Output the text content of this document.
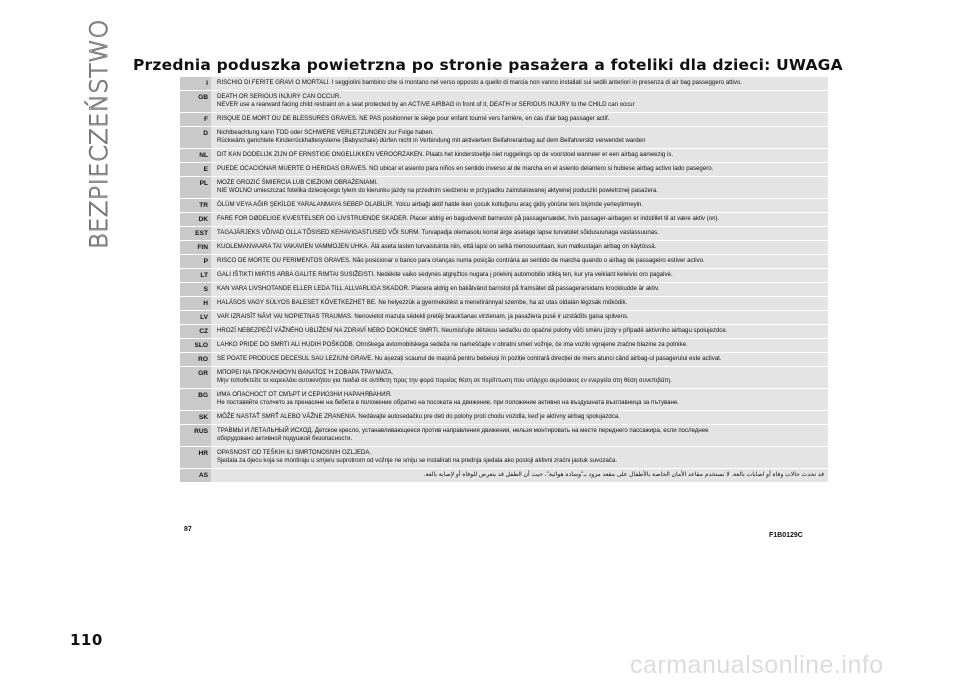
BEZPIECZEŃSTWO Przednia poduszka powietrzna po stronie pasażera a foteliki dla dzieci: UWAGA
I	RISCHIO DI FERITE GRAVI O MORTALI. I seggiolini bambino che si montano nel verso opposto a quello di marcia non vanno installati sui sedili anteriori in presenza di air bag passeggero attivo.
GB	DEATH OR SERIOUS INJURY CAN OCCUR.
NEVER use a rearward facing child restraint on a seat protected by an ACTIVE AIRBAG in front of it, DEATH or SERIOUS INJURY to the CHILD can occur
F	RISQUE DE MORT OU DE BLESSURES GRAVES. NE PAS positionner le siège pour enfant tourné vers l'arrière, en cas d'air bag passager actif.
D	Nichtbeachtung kann TOD oder SCHWERE VERLETZUNGEN zur Folge haben.
Rückwärts gerichtete Kinderrückhaltesysteme (Babyschale) dürfen nicht in Verbindung mit aktiviertem Beifahrerairbag auf dem Beifahrersitz verwendet warden
NL	DIT KAN DODELIJK ZIJN OF ERNSTIGE ONGELUKKEN VEROORZAKEN. Plaats het kinderstoeltje niet ruggelings op de voorstoel wanneer er een airbag aanwezig is.
E	PUEDE OCACIONAR MUERTE O HERIDAS GRAVES. NO ubicar el asiento para niños en sentido inverso al de marcha en el asiento delantero si hubiese airbag activo lado pasegero.
PL	MOŻE GROZIĆ ŚMIERCIA LUB CIEŻKIMI OBRAŻENIAMI.
NIE WOLNO umieszczać fotelika dziecięcego tylem do kierunku jazdy na przednim siedzeniu w przypadku zainstalowanej aktywnej poduszki powietrznej pasażera.
TR	ÖLÜM VEYA AĞIR ŞEKİLDE YARALANMAYA SEBEP OLABİLİR. Yolcu airbaği aktif halde iken çocuk koltuğunu araç gidiş yönüne ters biçimde yerleştirmeyin.
DK	FARE FOR DØDELIGE KVÆSTELSER OG LIVSTRUENDE SKADER. Placer aldrig en bagudvendt barnestol på passagersædet, hvis passager-airbagen er indstillet til at være aktiv (on).
EST	TAGAJÄRJEKS VÕIVAD OLLA TÕSISED KEHAVIGASTUSED VÕI SURM. Turvapadja olemasolu korral ärge asetage lapse turvatolet sõidusuunaga vastassuunas.
FIN	KUOLEMANVAARA TAI VAKAVIEN VAMMOJEN UHKA. Älä aseta lasten turvaistuinta niin, että lapsi on selkä menosuuntaan, kun matkustajan airbag on käytössä.
P	RISCO DE MORTE OU FERIMENTOS GRAVES. Não posicionar o banco para crianças numa posição contrária ao sentido de marcha quando o airbag de passageiro estiver activo.
LT	GALI IŠTIKTI MIRTIS ARBA GALITE RIMTAI SUSIŽEISTI. Nedėkite vaiko sėdynės atgręžtos nugara į priekinį automobilio stiklą ten, kur yra veikiant keleivio oro pagalvė.
S	KAN VARA LIVSHOTANDE ELLER LEDA TILL ALLVARLIGA SKADOR. Placera aldrig en bakåtvänd barnstol på framsätet då passagerarsidans krockkudde är aktiv.
H	HALÁSOS VAGY SÚLYOS BALESET KÖVETKEZHET BE. Ne helyezzük a gyermekülést a menetiránnyal szembe, ha az utas oldalán légzsák működik.
LV	VAR IZRAISĪT NĀVI VAI NOPIETNAS TRAUMAS. Nenovietot mazuļa sēdekli pretēji braukšanas virzienam, ja pasažiera pusē ir uzstādīts gaisa spilvens.
CZ	HROZÍ NEBEZPEČÍ VÁŽNÉHO UBLÍŽENÍ NA ZDRAVÍ NEBO DOKONCE SMRTI. Neumisťujte dětskou sedačku do opačné polohy vůči směru jízdy v případě aktivního airbagu spolujezdce.
SLO	LAHKO PRIDE DO SMRTI ALI HUDIH POŠKODB. Otroškega avtomobilskega sedeža ne nameščajte v obratni smeri vožnje, če ima vozilo vgrajene zračne blazine za potnike.
RO	SE POATE PRODUCE DECESUL SAU LEZIUNI GRAVE. Nu așezați scaunul de mașină pentru bebeluși în poziție contrară direcției de mers atunci când airbag-ul pasagerului este activat.
GR	ΜΠΟΡΕΙ ΝΑ ΠΡΟΚΛΗΘΟΥΝ ΘΑΝΑΤΟΣ Ή ΣΟΒΑΡΑ ΤΡΑΥΜΑΤΑ.
Μην τοποθετείτε το καρεκλάκι αυτοκινήτου για παιδιά σε αντίθετη προς την φορά πορείας θέση σε περίπτωση που υπάρχει αερόσακος εν ενεργεία στη θέση συνεπιβάτη.
BG	ИМА ОПАСНОСТ ОТ СМЪРТ И СЕРИОЗНИ НАРАНЯВАНИЯ.
Не поставяйте столчето за пренасяне на бебета в положение обратно на посоката на движение, при положение активно на въздушната възглавница за пътуване.
SK	MÔŽE NASTAŤ SMRŤ ALEBO VÁŽNE ZRANENIA. Nedávajte autosedačku pre deti do polohy proti chodu vozidla, keď je aktívny airbag spolujazdca.
RUS	ТРАВМЫ И ЛЕТАЛЬНЫЙ ИСХОД. Детское кресло, устанавливающееся против направления движения, нельзя монтировать на месте переднего пассажира, если последнее
оборудовано активной подушкой безопасности.
HR	OPASNOST OD TEŠKIH ILI SMRTONOSNIH OZLJEDA.
Sjedala za djecu koja se montiraju u smjeru suprotnom od vožnje ne smiju se instalirati na prednja sjedala ako postoji aktivni zračni jastuk suvozača.
AS	قد تحدث حالات وفاة أو اصابات بالغة. لا تستخدم مقاعد الأمان الخاصة بالأطفال على مقعد مزود بـ"وسادة هوائية"، حيث أن الطفل قد يتعرض للوفاة أو لإصابة بالغة.
87
F1B0129C
110
carmanualsonline.info
